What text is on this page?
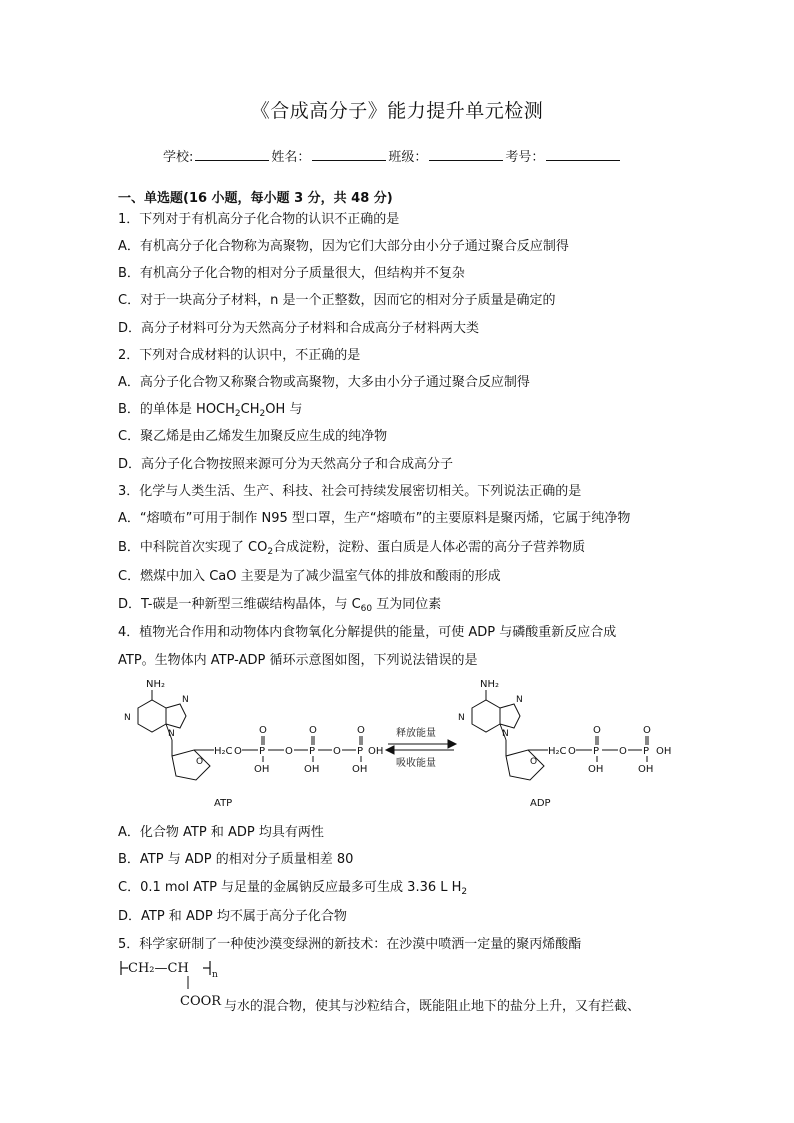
《合成高分子》能力提升单元检测
学校:	姓名：	班级：	考号：
一、单选题(16 小题，每小题 3 分，共 48 分)
1．下列对于有机高分子化合物的认识不正确的是
A．有机高分子化合物称为高聚物，因为它们大部分由小分子通过聚合反应制得
B．有机高分子化合物的相对分子质量很大，但结构并不复杂
C．对于一块高分子材料，n 是一个正整数，因而它的相对分子质量是确定的
D．高分子材料可分为天然高分子材料和合成高分子材料两大类
2．下列对合成材料的认识中，不正确的是
A．高分子化合物又称聚合物或高聚物，大多由小分子通过聚合反应制得
B．的单体是 $HOCH_2CH_2OH$ 与
C．聚乙烯是由乙烯发生加聚反应生成的纯净物
D．高分子化合物按照来源可分为天然高分子和合成高分子
3．化学与人类生活、生产、科技、社会可持续发展密切相关。下列说法正确的是
A．“熔喷布”可用于制作 N95 型口罩，生产“熔喷布”的主要原料是聚丙烯，它属于纯净物
B．中科院首次实现了 $CO_2$合成淀粉，淀粉、蛋白质是人体必需的高分子营养物质
C．燃煤中加入 CaO 主要是为了减少温室气体的排放和酸雨的形成
D．T-碳是一种新型三维碳结构晶体，与 $C_{60}$ 互为同位素
4．植物光合作用和动物体内食物氧化分解提供的能量，可使 ADP 与磷酸重新反应合成
ATP。生物体内 ATP-ADP 循环示意图如图，下列说法错误的是
NH₂
N
N
N
O
H₂C O P
O
OH
O P
O
OH
O P
O
OH
OH
ATP
释放能量
吸收能量
NH₂
N
N
N
O
H₂C O P
O
OH
O P
O
OH
OH
ADP
A．化合物 ATP 和 ADP 均具有两性
B．ATP 与 ADP 的相对分子质量相差 80
C．0.1 mol ATP 与足量的金属钠反应最多可生成 3.36 L $H_2$
D．ATP 和 ADP 均不属于高分子化合物
5．科学家研制了一种使沙漠变绿洲的新技术：在沙漠中喷洒一定量的聚丙烯酸酯
CH₂—CH	n
COOR 与水的混合物，使其与沙粒结合，既能阻止地下的盐分上升，又有拦截、
